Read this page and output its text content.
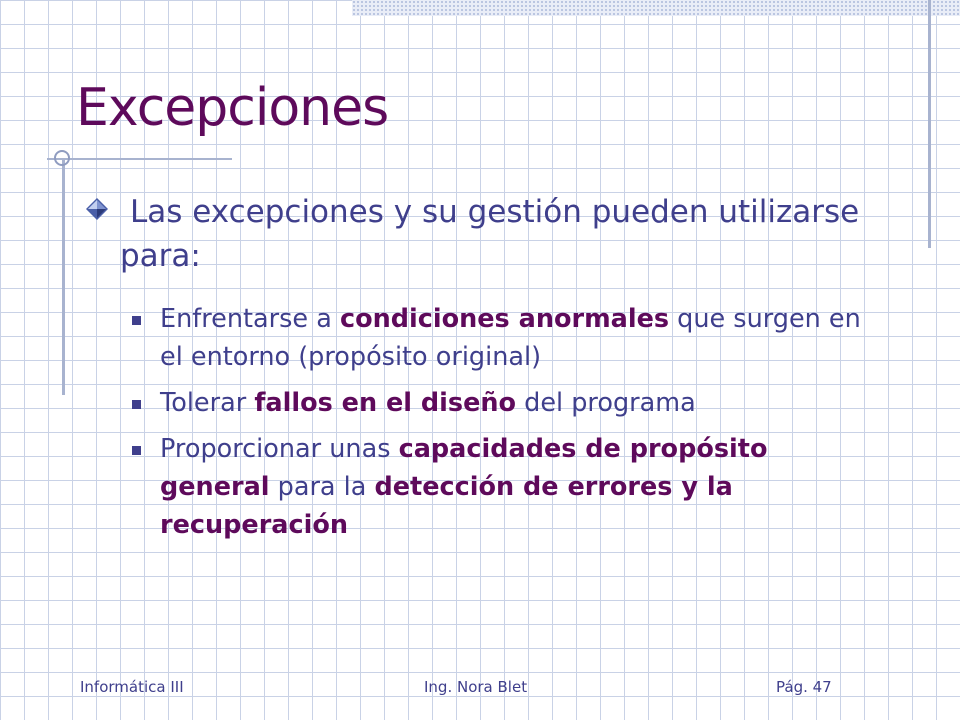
Excepciones

Las excepciones y su gestión pueden utilizarse para:

Enfrentarse a condiciones anormales que surgen en el entorno (propósito original)
Tolerar fallos en el diseño del programa
Proporcionar unas capacidades de propósito general para la detección de errores y la recuperación
Informática III	Ing. Nora Blet	Pág. 47
